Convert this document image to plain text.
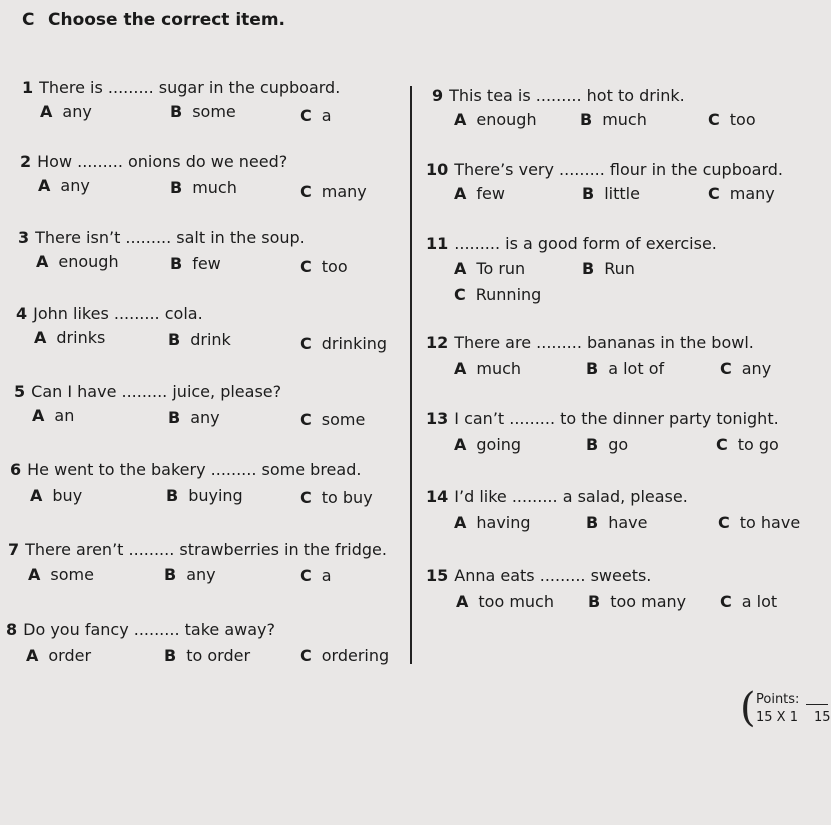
C Choose the correct item.
1 There is ......... sugar in the cupboard.
A any	B some	C a
2 How ......... onions do we need?
A any	B much	C many
3 There isn’t ......... salt in the soup.
A enough	B few	C too
4 John likes ......... cola.
A drinks	B drink	C drinking
5 Can I have ......... juice, please?
A an	B any	C some
6 He went to the bakery ......... some bread.
A buy	B buying	C to buy
7 There aren’t ......... strawberries in the fridge.
A some	B any	C a
8 Do you fancy ......... take away?
A order	B to order	C ordering
9 This tea is ......... hot to drink.
A enough	B much	C too
10 There’s very ......... flour in the cupboard.
A few	B little	C many
11 ......... is a good form of exercise.
A To run	B Run
C Running
12 There are ......... bananas in the bowl.
A much	B a lot of	C any
13 I can’t ......... to the dinner party tonight.
A going	B go	C to go
14 I’d like ......... a salad, please.
A having	B have	C to have
15 Anna eats ......... sweets.
A too much B too many C a lot
( Points:
15 X 1 15
